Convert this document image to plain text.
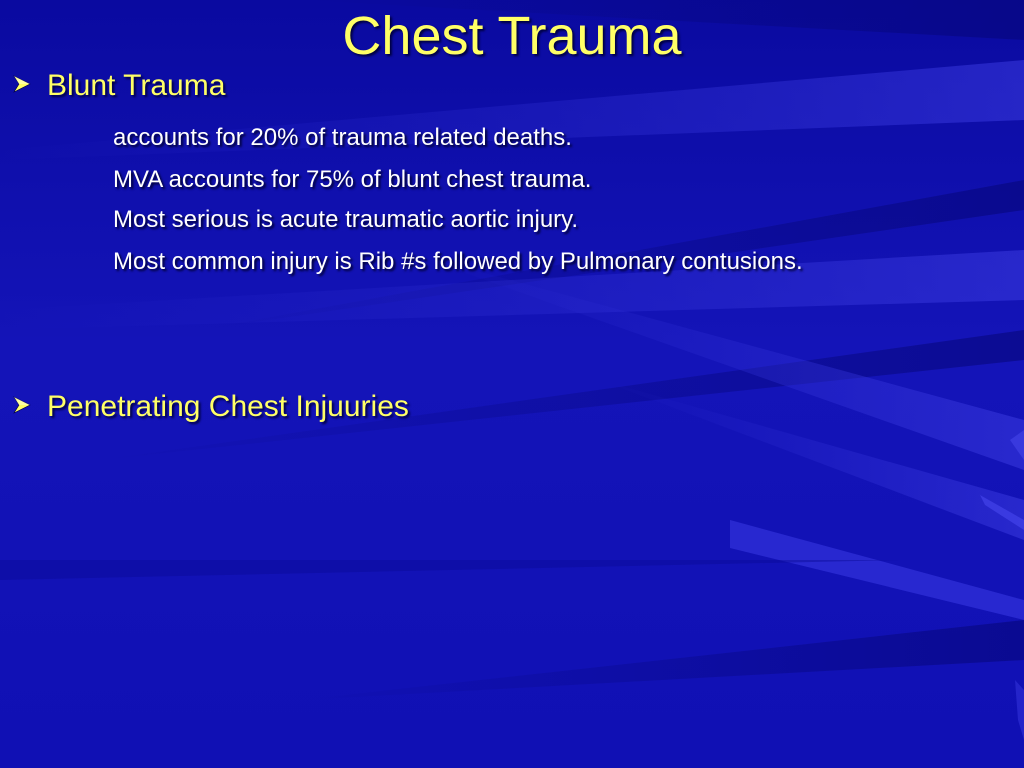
Chest Trauma
Blunt Trauma
accounts for 20% of trauma related deaths.
MVA accounts for 75% of blunt chest trauma.
Most serious is acute traumatic aortic injury.
Most common injury is Rib #s followed by Pulmonary contusions.
Penetrating Chest Injuuries
